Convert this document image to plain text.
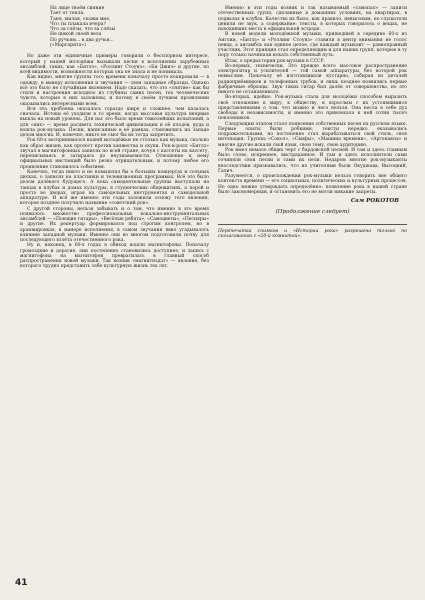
На лице твоём сияние
Тает от тепла.
Таня, милая, скажи мне,
Что ты плакала вчера?
Что за слёзы, что за слёзы
Не щекой своей вела
По ручьям... в два ручья...
(«Маргарита»)

Но даже эти единичные примеры говорили о бесспорном интересе, который у нашей молодёжи вызывали песни в исполнении зарубежных ансамблей, таких, как «Битлз», «Роллинг Стоунз», «Би Джиз» и другие, по всей видимости, возможности которых она не знала и не понимала.

Как видно, многие группы того времени поначалу просто копировали — в одежду, в манеру исполнения и звучания — свои западные образцы. Однако всё это было не случайным явлением. Надо сказать, что это «снятие» как бы стиля и настроения исходило из глубины самих песен, тех человеческих чувств, которые в них заложены, и потому в своём лучшем проявлении оказывались интересными всем.

Вся эта проблема оказалась гораздо шире и сложнее, чем казалась сначала. Истоки её уходили в то время, когда массовая культура впервые вышла на новый уровень. Для нас это было время тяжелейших испытаний, а для «них» — время расцвета технической цивилизации и её плодов, куда и вошла рок-музыка. Песни, написанные в её рамках, становились на Западе делом многих. И, конечно, никто не смог бы их тогда запретить.

Рок 60-х воспринимался нашей молодёжью не столько как музыка, сколько как образ жизни, как протест против ханжества и скуки. Рок-н-ролл «Битлз» звучал в магнитофонных записях по всей стране, кочуя с кассеты на кассету, переписываясь и затираясь до неузнаваемости. Отношение к нему официальных инстанций было резко отрицательным, и потому любое его проявление становилось событием.

Конечно, тогда никто и не помышлял бы о больших концертах и сольных дисках, о записях на пластинки и телевизионных программах. Всё это было делом далёкого будущего. А пока самодеятельные группы выступали на танцах в клубах и домах культуры, в студенческих общежитиях, а порой и просто во дворах, играя на самодельных инструментах и самодельной аппаратуре. И всё же именно эти годы заложили основу того явления, которое позднее получило название «советский рок».

С другой стороны, нельзя забывать и о том, что именно в это время появилось множество профессиональных вокально-инструментальных ансамблей — «Поющие гитары», «Весёлые ребята», «Самоцветы», «Песняры» и другие. Их репертуар формировался под строгим контролем, но в аранжировках, в манере исполнения, в самом звучании явно угадывалось влияние западной музыки. Именно они во многом подготовили почву для последующего взлёта отечественного рока.

Ну и, наконец, в 60-х годах в обиход вошли магнитофоны. Поначалу громоздкие и дорогие, они постепенно становились доступнее, и запись с магнитофона на магнитофон превратилась в главный способ распространения новой музыки. Так возник «магнитиздат» — явление, без которого трудно представить себе культурную жизнь тех лет.

Именно в эти годы возник и так называемый «самопал» — записи отечественных групп, сделанные в домашних условиях, на квартирах, в подвалах и клубах. Качество их было, как правило, невысоким, но слушатели ценили не звук, а содержание: тексты, в которых говорилось о вещах, не находивших места в официальной эстраде.

В новой модели молодёжной музыки, пришедшей в середине 60-х из Англии, «Битлз» и «Роллинг Стоунз» ставили в центр внимания не голос певца, а ансамбль как единое целое, где каждый музыкант — равноправный участник. Этот принцип стал определяющим и для наших групп, которые в ту пору только начинали искать собственный путь.

Итак, о предыстории рок-музыки в СССР.

Во-первых, технически. Это прежде всего массовое распространение электрогитар и усилителей — той самой аппаратуры, без которой рок немыслим. Поначалу её изготавливали кустарно, собирая из деталей радиоприёмников и телефонных трубок, и лишь позднее появились первые фабричные образцы. Звук таких гитар был далёк от совершенства, но это никого не останавливало.

Во-вторых, идейно. Рок-музыка стала для молодёжи способом выразить своё отношение к миру, к обществу, к взрослым с их устоявшимися представлениями о том, что можно и чего нельзя. Она несла в себе дух свободы и независимости, и именно это привлекало к ней сотни тысяч поклонников.

Следующим этапом стало появление собственных песен на русском языке. Первые опыты были робкими, тексты нередко оказывались подражательными, но постепенно стал вырабатываться свой стиль, своя интонация. Группы «Сокол», «Скифы», «Машина времени», «Аргонавты» и многие другие искали свой язык, свою тему, свою аудиторию.

Рок имел немало общих черт с бардовской песней. И там и здесь главным было слово, искреннее, выстраданное. И там и здесь исполнители сами сочиняли свои песни и сами их пели. Недаром многие рок-музыканты впоследствии признавались, что их учителями были Окуджава, Высоцкий, Галич.

Разумеется, о происхождении рок-музыки нельзя говорить вне общего контекста времени — его социальных, политических и культурных процессов. Но одно можно утверждать определённо: появление рока в нашей стране было закономерным, и остановить его не могли никакие запреты.

Сам РОКОТОВ
(Продолжение следует)
Перепечатка снимков и «Истории рока» разрешена только по согласованию с «20-й комнатой».
41
